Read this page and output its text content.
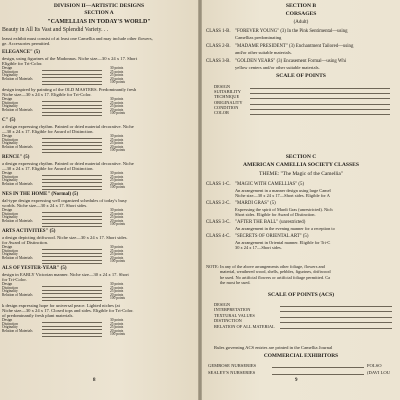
DIVISION II—ARTISTIC DESIGNS
SECTION A
"CAMELLIAS IN TODAY'S WORLD"
Beauty in All Its Vast and Splendid Variety. . .
leasst exhibit must consist of at least one Camellia and may include other flowers,
ge. Accessories permitted.
ELEGANCE" (5)
design, using figurines of the Madonnas. Niche size—30 x 24 x 17. Short
Eligible for Tri-Color.
Design	30 points
Distinction	25 points
Originality	25 points
Relation of Materials	20 points
100 points
design inspired by painting of the OLD MASTERS. Predominantly fresh
Niche size—30 x 24 x 17. Eligible for Tri-Color.
Design	30 points
Distinction	25 points
Originality	25 points
Relation of Materials	20 points
100 points
C" (5)
a design expressing rhythm. Painted or dried material decorative. Niche
—30 x 24 x 17. Eligible for Award of Distinction.
Design	30 points
Distinction	25 points
Originality	25 points
Relation of Materials	20 points
100 points
RENCE" (5)
a design expressing rhythm. Painted or dried material decorative. Niche
—30 x 24 x 17. Eligible for Award of Distinction.
Design	30 points
Distinction	25 points
Originality	25 points
Relation of Materials	20 points
100 points
NES IN THE HOME" (Normal) (5)
dal-type design expressing well organized schedules of today's busy
worlds. Niche size—30 x 24 x 17. Short sides.
Design	30 points
Distinction	25 points
Originality	25 points
Relation of Materials	20 points
100 points
ARTS ACTIVITIES" (5)
a design depicting driftwood. Niche size—30 x 24 x 17. Short sides.
for Award of Distinction.
Design	30 points
Distinction	25 points
Originality	25 points
Relation of Materials	20 points
100 points
ALS OF YESTER-YEAR" (5)
design in EARLY Victorian manner. Niche size—30 x 24 x 17. Short
for Tri-Color.
Design	30 points
Distinction	25 points
Originality	25 points
Relation of Materials	20 points
100 points
k design expressing hope for universal peace. Lighted niches (at
Niche size—30 x 24 x 17. Closed tops and sides. Eligible for Tri-Color.
of predominantly fresh plant materials.
Design	30 points
Distinction	25 points
Originality	25 points
Relation of Materials	20 points
100 points
8
SECTION B
CORSAGES
(Adult)
CLASS 1-B. "FOREVER YOUNG" (3) In the Pink Sentimental—using
Camellias predominating
CLASS 2-B. "MADAME PRESIDENT" (3) Enchantment Tailored—using
and/or other suitable materials.
CLASS 3-B. "GOLDEN YEARS" (3) Encasement Formal—using Whi
yellow centers and/or other suitable materials.
SCALE OF POINTS
DESIGN
SUITABILITY
TECHNIQUE
ORIGINALITY
CONDITION
COLOR
SECTION C
AMERICAN CAMELLIA SOCIETY CLASSES
THEME: "The Magic of the Camellia"
CLASS 1-C. "MAGIC WITH CAMELLIAS" (5)
An arrangement in a manner design using large Camel
Niche size—30 x 24 x 17—Short sides. Eligible for A
CLASS 2-C. "MARDI GRAS" (5)
Expressing the spirit of Mardi Gras (unrestricted). Nich
Short sides. Eligible for Award of Distinction.
CLASS 3-C. "AFTER THE BALL" (unrestricted)
An arrangement in the evening manner for a reception to
CLASS 4-C. "SECRETS OF ORIENTAL ART" (5)
An arrangement in Oriental manner. Eligible for Tri-C
30 x 24 x 17—Short sides.
NOTE: In any of the above arrangements other foliage, flowers and
material, weathered wood, shells, pebbles, figurines, driftwood
be used. No artificial flowers or artificial foliage permitted. Ca
the most be used.
SCALE OF POINTS (ACS)
DESIGN
INTERPRETATION
TEXTURAL VALUES
DISTINCTION
RELATION OF ALL MATERIAL
Rules governing ACS entries are printed in the Camellia Journal
COMMERCIAL EXHIBITORS
GEMROSE NURSERIES	FOLSO
SEALEY'S NURSERIES	(DAVI LOU
9
